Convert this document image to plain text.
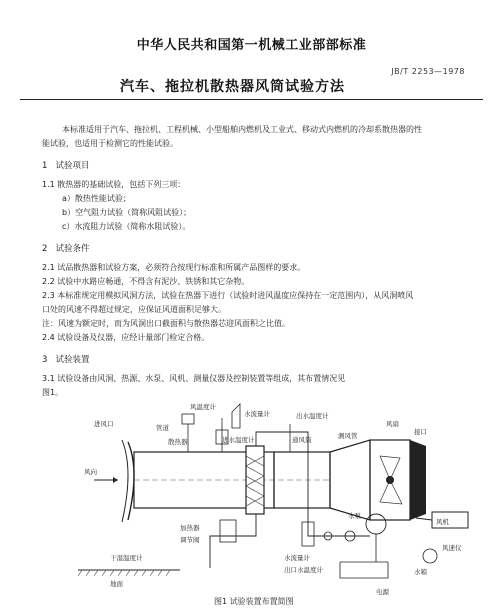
中华人民共和国第一机械工业部部标准
JB/T 2253—1978
汽车、拖拉机散热器风筒试验方法
本标准适用于汽车、拖拉机、工程机械、小型船舶内燃机及工业式、移动式内燃机的冷却系散热器的性
能试验，也适用于检测它的性能试验。
1 试验项目
1.1 散热器的基础试验，包括下列三项：
a）散热性能试验；
b）空气阻力试验（简称风阻试验）；
c）水流阻力试验（简称水阻试验）。
2 试验条件
2.1 试品散热器和试验方案，必须符合按现行标准和所属产品图样的要求。
2.2 试验中水路应畅通，不得含有泥沙、铁锈和其它杂物。
2.3 本标准规定用模拟风洞方法，试验在热器下进行（试验时进风温度应保持在一定范围内），从风洞喷风
口处的风速不得超过规定，应保证风道面积足够大。
注：风速为额定时，而为风洞出口截面积与散热器芯迎风面积之比值。
2.4 试验设备及仪器，应经计量部门检定合格。
3 试验装置
3.1 试验设备由风洞、热源、水泵、风机、测量仪器及控制装置等组成，其布置情况见
图1。
风温度计
进水温度计
水流量计	出水温度计
管道
散热器
测风管
风扇
通风筒
接口
加热器
调节阀
水泵
水箱
风机
风向
进风口
干湿温度计
地面
水流量计
出口水温度计
电源
风速仪
图1 试验装置布置简图
